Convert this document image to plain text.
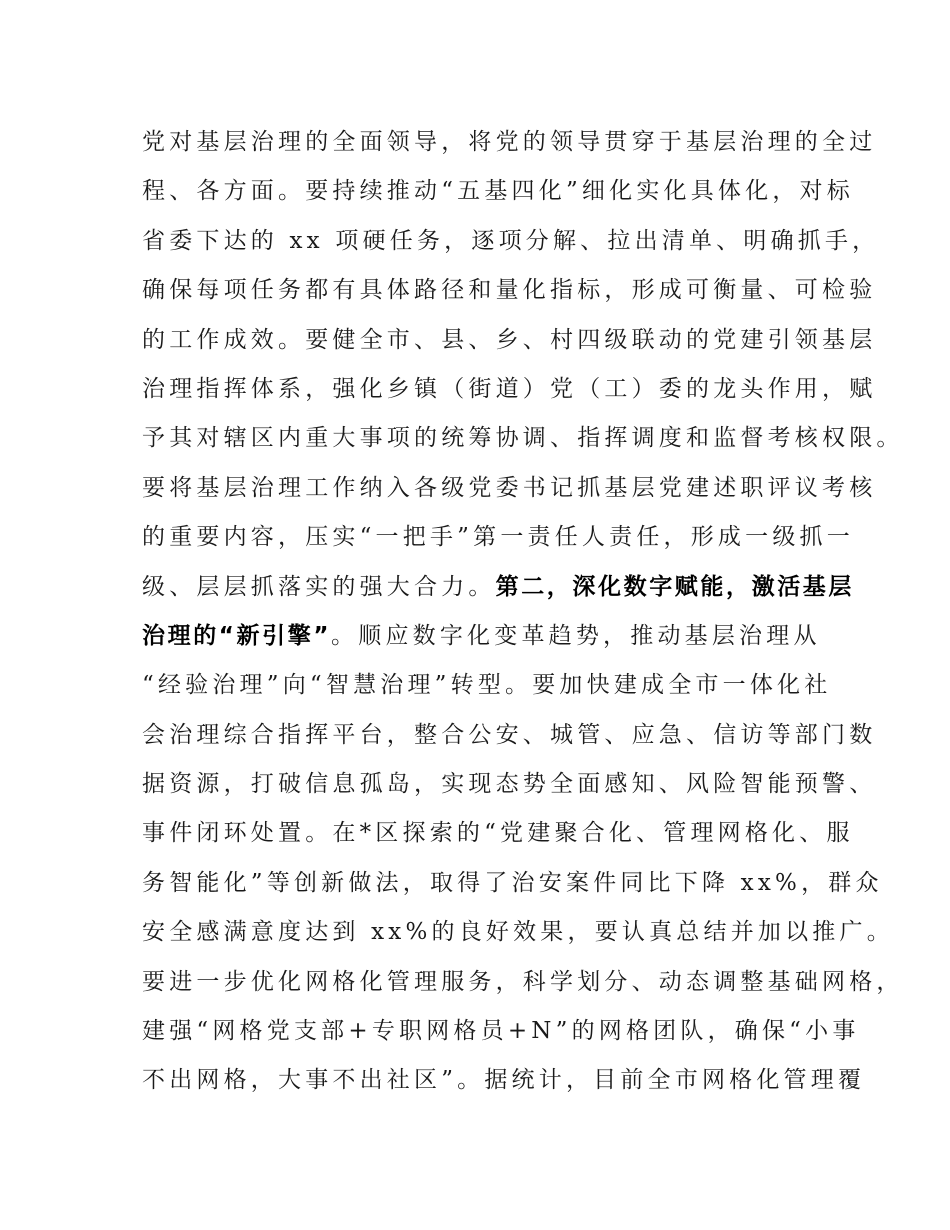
党对基层治理的全面领导，将党的领导贯穿于基层治理的全过
程、各方面。要持续推动“五基四化”细化实化具体化，对标
省委下达的 xx 项硬任务，逐项分解、拉出清单、明确抓手，
确保每项任务都有具体路径和量化指标，形成可衡量、可检验
的工作成效。要健全市、县、乡、村四级联动的党建引领基层
治理指挥体系，强化乡镇（街道）党（工）委的龙头作用，赋
予其对辖区内重大事项的统筹协调、指挥调度和监督考核权限。
要将基层治理工作纳入各级党委书记抓基层党建述职评议考核
的重要内容，压实“一把手”第一责任人责任，形成一级抓一
级、层层抓落实的强大合力。第二，深化数字赋能，激活基层
治理的“新引擎”。顺应数字化变革趋势，推动基层治理从
“经验治理”向“智慧治理”转型。要加快建成全市一体化社
会治理综合指挥平台，整合公安、城管、应急、信访等部门数
据资源，打破信息孤岛，实现态势全面感知、风险智能预警、
事件闭环处置。在*区探索的“党建聚合化、管理网格化、服
务智能化”等创新做法，取得了治安案件同比下降 xx%，群众
安全感满意度达到 xx%的良好效果，要认真总结并加以推广。
要进一步优化网格化管理服务，科学划分、动态调整基础网格，
建强“网格党支部+专职网格员+N”的网格团队，确保“小事
不出网格，大事不出社区”。据统计，目前全市网格化管理覆
